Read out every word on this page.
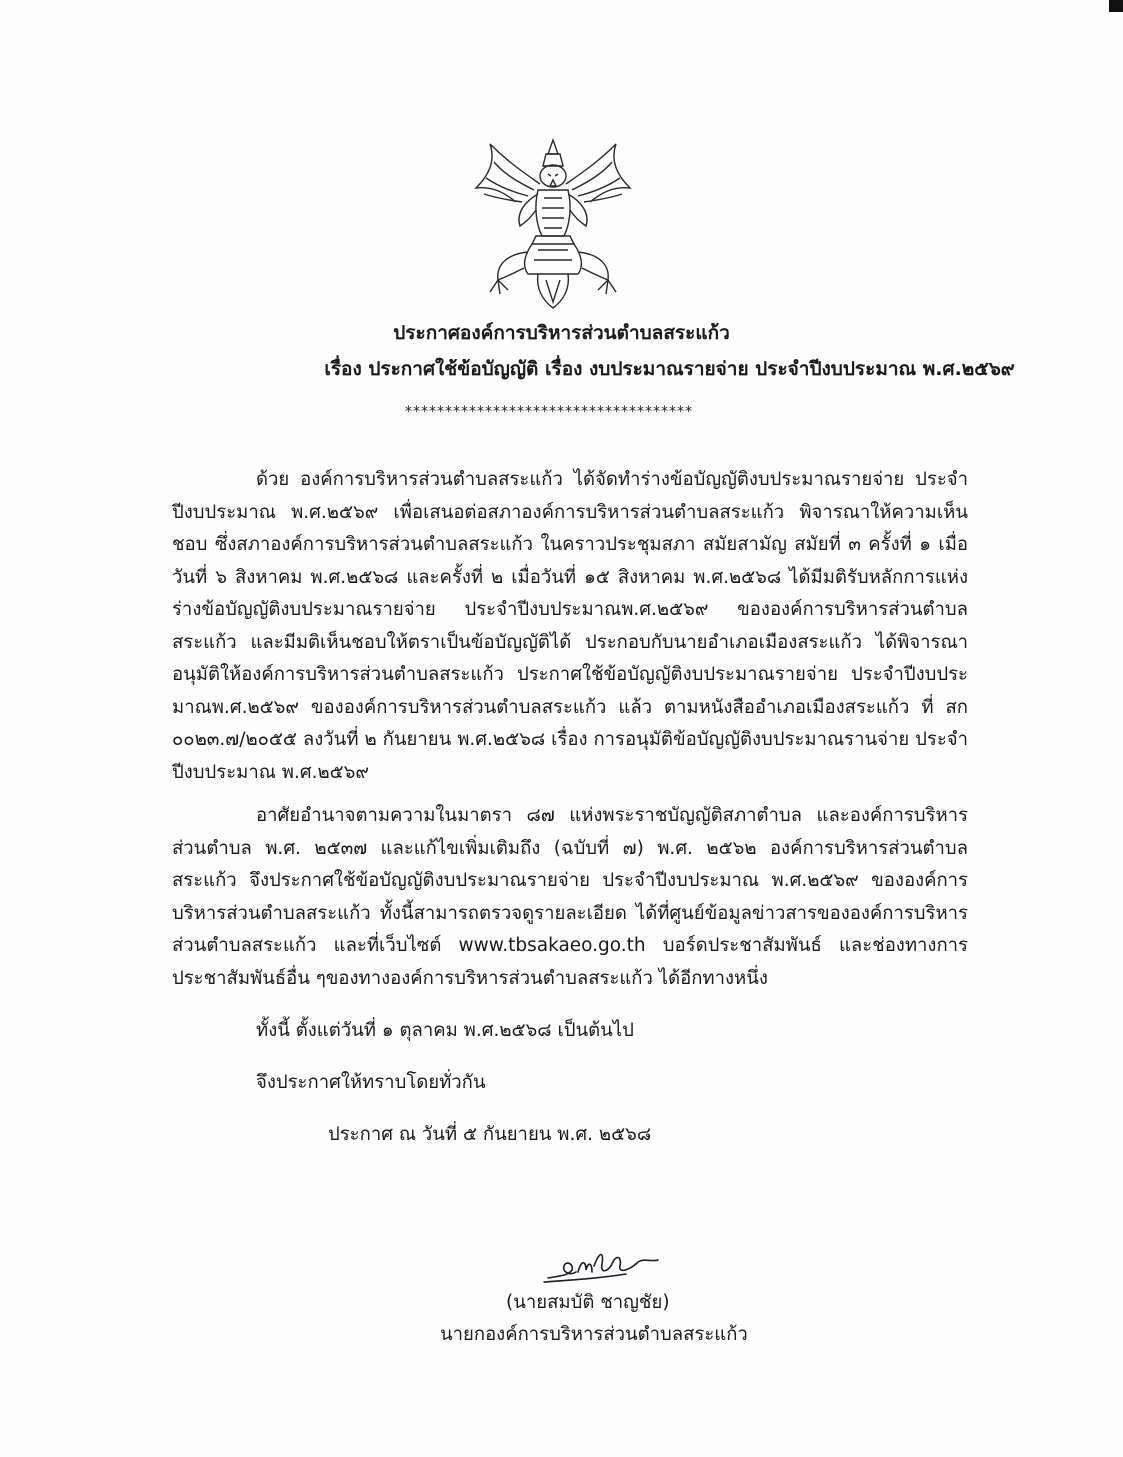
ประกาศองค์การบริหารส่วนตำบลสระแก้ว
เรื่อง ประกาศใช้ข้อบัญญัติ เรื่อง งบประมาณรายจ่าย ประจำปีงบประมาณ พ.ศ.๒๕๖๙
************************************

ด้วย องค์การบริหารส่วนตำบลสระแก้ว ได้จัดทำร่างข้อบัญญัติงบประมาณรายจ่าย ประจำปีงบประมาณ พ.ศ.๒๕๖๙ เพื่อเสนอต่อสภาองค์การบริหารส่วนตำบลสระแก้ว พิจารณาให้ความเห็นชอบ ซึ่งสภาองค์การบริหารส่วนตำบลสระแก้ว ในคราวประชุมสภา สมัยสามัญ สมัยที่ ๓ ครั้งที่ ๑ เมื่อวันที่ ๖ สิงหาคม พ.ศ.๒๕๖๘ และครั้งที่ ๒ เมื่อวันที่ ๑๕ สิงหาคม พ.ศ.๒๕๖๘ ได้มีมติรับหลักการแห่งร่างข้อบัญญัติงบประมาณรายจ่าย ประจำปีงบประมาณพ.ศ.๒๕๖๙ ขององค์การบริหารส่วนตำบลสระแก้ว และมีมติเห็นชอบให้ตราเป็นข้อบัญญัติได้ ประกอบกับนายอำเภอเมืองสระแก้ว ได้พิจารณาอนุมัติให้องค์การบริหารส่วนตำบลสระแก้ว ประกาศใช้ข้อบัญญัติงบประมาณรายจ่าย ประจำปีงบประมาณพ.ศ.๒๕๖๙ ขององค์การบริหารส่วนตำบลสระแก้ว แล้ว ตามหนังสืออำเภอเมืองสระแก้ว ที่ สก ๐๐๒๓.๗/๒๐๕๕ ลงวันที่ ๒ กันยายน พ.ศ.๒๕๖๘ เรื่อง การอนุมัติข้อบัญญัติงบประมาณรานจ่าย ประจำปีงบประมาณ พ.ศ.๒๕๖๙

อาศัยอำนาจตามความในมาตรา ๘๗ แห่งพระราชบัญญัติสภาตำบล และองค์การบริหารส่วนตำบล พ.ศ. ๒๕๓๗ และแก้ไขเพิ่มเติมถึง (ฉบับที่ ๗) พ.ศ. ๒๕๖๒ องค์การบริหารส่วนตำบลสระแก้ว จึงประกาศใช้ข้อบัญญัติงบประมาณรายจ่าย ประจำปีงบประมาณ พ.ศ.๒๕๖๙ ขององค์การบริหารส่วนตำบลสระแก้ว ทั้งนี้สามารถตรวจดูรายละเอียด ได้ที่ศูนย์ข้อมูลข่าวสารขององค์การบริหารส่วนตำบลสระแก้ว และที่เว็บไซต์ www.tbsakaeo.go.th บอร์ดประชาสัมพันธ์ และช่องทางการประชาสัมพันธ์อื่น ๆของทางองค์การบริหารส่วนตำบลสระแก้ว ได้อีกทางหนึ่ง

ทั้งนี้ ตั้งแต่วันที่ ๑ ตุลาคม พ.ศ.๒๕๖๘ เป็นต้นไป
จึงประกาศให้ทราบโดยทั่วกัน
ประกาศ ณ วันที่ ๕ กันยายน พ.ศ. ๒๕๖๘
(นายสมบัติ ชาญชัย)
นายกองค์การบริหารส่วนตำบลสระแก้ว
